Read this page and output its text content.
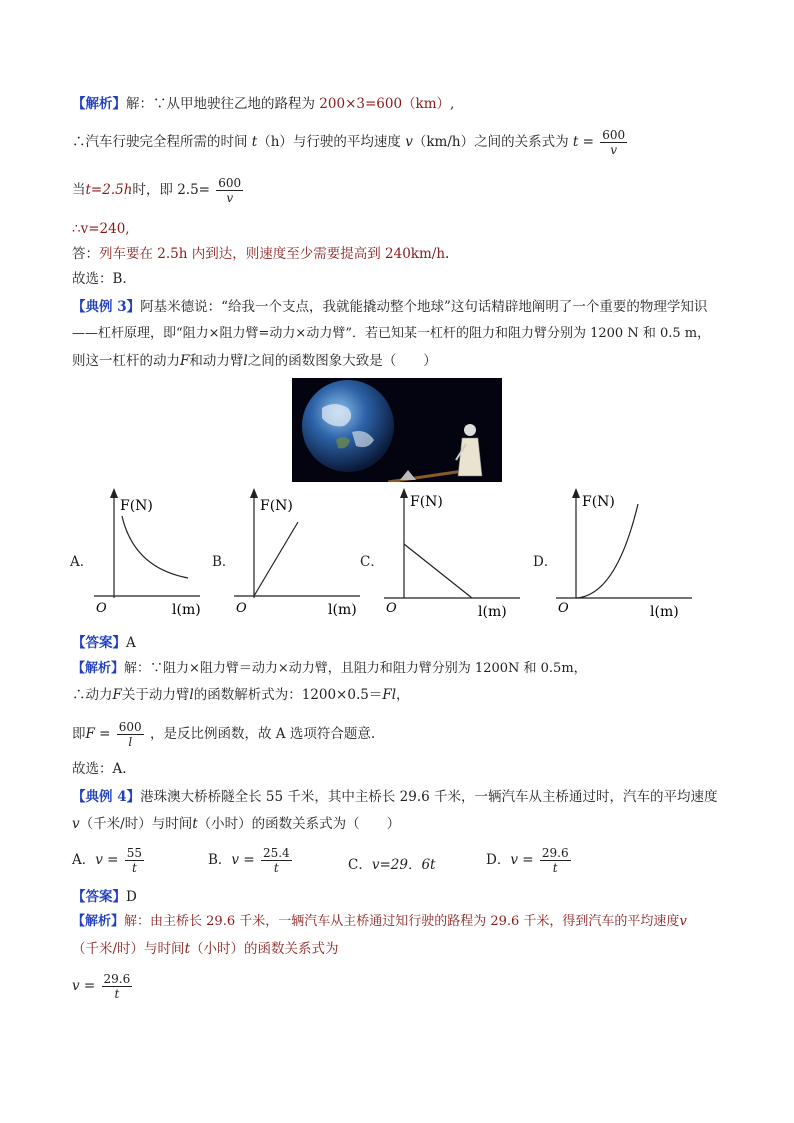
【解析】解：∵从甲地驶往乙地的路程为 200×3=600（km）,
∴汽车行驶完全程所需的时间 t（h）与行驶的平均速度 v（km/h）之间的关系式为 $t = \frac{600}{v}$
当t=2.5h时，即 $2.5= \frac{600}{v}$
∴v=240,
答：列车要在 2.5h 内到达，则速度至少需要提高到 240km/h.
故选：B.
【典例 3】阿基米德说：“给我一个支点，我就能撬动整个地球”这句话精辟地阐明了一个重要的物理学知识
——杠杆原理，即“阻力×阻力臂=动力×动力臂”．若已知某一杠杆的阻力和阻力臂分别为 1200 N 和 0.5 m，
则这一杠杆的动力F和动力臂l之间的函数图象大致是（　　）
A．	B．	C．	D．
F(N)
O	l(m)
F(N)
O	l(m)
F(N)
O	l(m)
F(N)
O	l(m)
【答案】A
【解析】解：∵阻力×阻力臂＝动力×动力臂，且阻力和阻力臂分别为 1200N 和 0.5m，
∴动力F关于动力臂l的函数解析式为：1200×0.5＝Fl，
即$F = \frac{600}{l}$ ，是反比例函数，故 A 选项符合题意.
故选：A.
【典例 4】港珠澳大桥桥隧全长 55 千米，其中主桥长 29.6 千米，一辆汽车从主桥通过时，汽车的平均速度
v（千米/时）与时间t（小时）的函数关系式为（　　）
A．$v = \frac{55}{t}$	B．$v = \frac{25.4}{t}$	C．v=29．6t	D．$v = \frac{29.6}{t}$
【答案】D
【解析】解：由主桥长 29.6 千米，一辆汽车从主桥通过知行驶的路程为 29.6 千米，得到汽车的平均速度v
（千米/时）与时间t（小时）的函数关系式为
$v = \frac{29.6}{t}$
